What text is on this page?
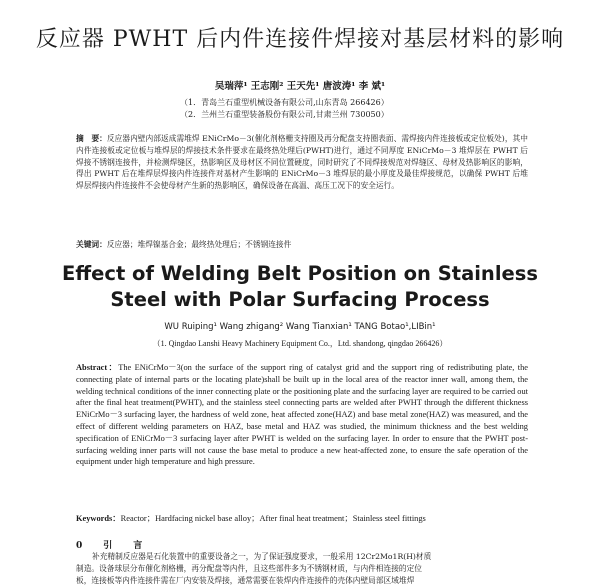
反应器 PWHT 后内件连接件焊接对基层材料的影响
吴瑞萍¹ 王志刚² 王天先¹ 唐波涛¹ 李 斌¹
（1．青岛兰石重型机械设备有限公司,山东青岛 266426）
（2．兰州兰石重型装备股份有限公司,甘肃兰州 730050）
摘　要：反应器内壁内部返成需堆焊 ENiCrMo－3(催化剂格栅支持圈及再分配盘支持圈表面、需焊接内件连接板或定位板处)，其中内件连接板或定位板与堆焊层的焊接技术条件要求在最终热处理后(PWHT)进行，通过不同厚度 ENiCrMo－3 堆焊层在 PWHT 后焊接不锈钢连接件，并检测焊缝区，热影响区及母材区不同位置硬度，同时研究了不同焊接规范对焊缝区、母材及热影响区的影响，得出 PWHT 后在堆焊层焊接内件连接件对基材产生影响的 ENiCrMo－3 堆焊层的最小厚度及最佳焊接规范，以确保 PWHT 后堆焊层焊接内件连接件不会使母材产生新的热影响区，确保设备在高温、高压工况下的安全运行。
关键词：反应器；堆焊镍基合金；最终热处理后；不锈钢连接件
Effect of Welding Belt Position on Stainless
Steel with Polar Surfacing Process
WU Ruiping¹ Wang zhigang² Wang Tianxian¹ TANG Botao¹,LIBin¹
（1. Qingdao Lanshi Heavy Machinery Equipment Co.，Ltd. shandong, qingdao 266426）
Abstract：The ENiCrMo－3(on the surface of the support ring of catalyst grid and the support ring of redistributing plate, the connecting plate of internal parts or the locating plate)shall be built up in the local area of the reactor inner wall, among them, the welding technical conditions of the inner connecting plate or the positioning plate and the surfacing layer are required to be carried out after the final heat treatment(PWHT), and the stainless steel connecting parts are welded after PWHT through the different thickness ENiCrMo－3 surfacing layer, the hardness of weld zone, heat affected zone(HAZ) and base metal zone(HAZ) was measured, and the effect of different welding parameters on HAZ, base metal and HAZ was studied, the minimum thickness and the best welding specification of ENiCrMo－3 surfacing layer after PWHT is welded on the surfacing layer. In order to ensure that the PWHT post-surfacing welding inner parts will not cause the base metal to produce a new heat-affected zone, to ensure the safe operation of the equipment under high temperature and high pressure.
Keywords：Reactor；Hardfacing nickel base alloy；After final heat treatment；Stainless steel fittings
0　引　言
补充精制反应器是石化装置中的重要设备之一，为了保证强度要求，一般采用 12Cr2Mo1R(H)材质
制造。设备球层分布催化剂格栅，再分配盘等内件，且这些部件多为不锈钢材质，与内件相连接的定位
板，连接板等内件连接件需在厂内安装及焊接，通常需要在装焊内件连接件的壳体内壁局部区域堆焊
